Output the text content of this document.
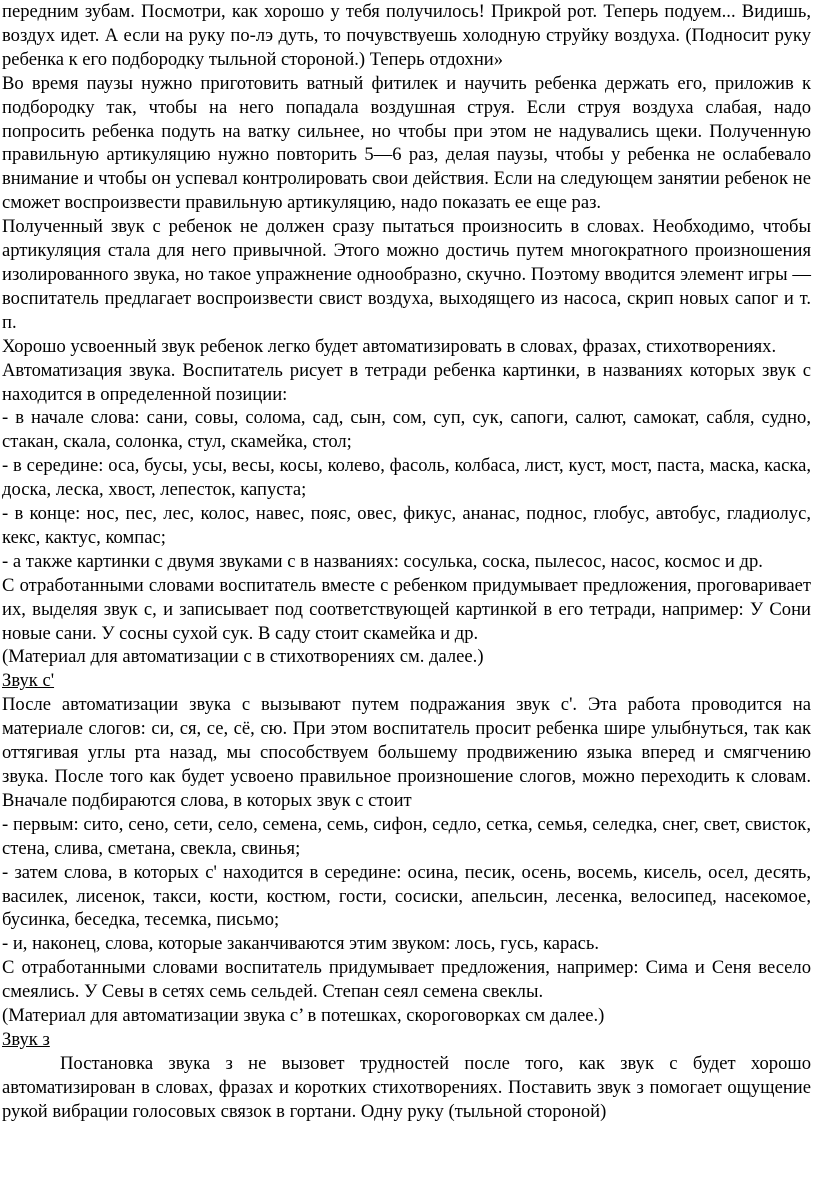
передним зубам. Посмотри, как хорошо у тебя получилось! Прикрой рот. Теперь подуем... Видишь, воздух идет. А если на руку по-лэ дуть, то почувствуешь холодную струйку воздуха. (Подносит руку ребенка к его подбородку тыльной стороной.) Теперь отдохни»

Во время паузы нужно приготовить ватный фитилек и научить ребенка держать его, приложив к подбородку так, чтобы на него попадала воздушная струя. Если струя воздуха слабая, надо попросить ребенка подуть на ватку сильнее, но чтобы при этом не надувались щеки. Полученную правильную артикуляцию нужно повторить 5—6 раз, делая паузы, чтобы у ребенка не ослабевало внимание и чтобы он успевал контролировать свои действия. Если на следующем занятии ребенок не сможет воспроизвести правильную артикуляцию, надо показать ее еще раз.

Полученный звук с ребенок не должен сразу пытаться произносить в словах. Необходимо, чтобы артикуляция стала для него привычной. Этого можно достичь путем многократного произношения изолированного звука, но такое упражнение однообразно, скучно. Поэтому вводится элемент игры — воспитатель предлагает воспроизвести свист воздуха, выходящего из насоса, скрип новых сапог и т. п.

Хорошо усвоенный звук ребенок легко будет автоматизировать в словах, фразах, стихотворениях.

Автоматизация звука. Воспитатель рисует в тетради ребенка картинки, в названиях которых звук с находится в определенной позиции:

- в начале слова: сани, совы, солома, сад, сын, сом, суп, сук, сапоги, салют, самокат, сабля, судно, стакан, скала, солонка, стул, скамейка, стол;

- в середине: оса, бусы, усы, весы, косы, колево, фасоль, колбаса, лист, куст, мост, паста, маска, каска, доска, леска, хвост, лепесток, капуста;

- в конце: нос, пес, лес, колос, навес, пояс, овес, фикус, ананас, поднос, глобус, автобус, гладиолус, кекс, кактус, компас;

- а также картинки с двумя звуками с в названиях: сосулька, соска, пылесос, насос, космос и др.

С отработанными словами воспитатель вместе с ребенком придумывает предложения, проговаривает их, выделяя звук с, и записывает под соответствующей картинкой в его тетради, например: У Сони новые сани. У сосны сухой сук. В саду стоит скамейка и др.

(Материал для автоматизации с в стихотворениях см. далее.)

Звук с'

После автоматизации звука с вызывают путем подражания звук с'. Эта работа проводится на материале слогов: си, ся, се, сё, сю. При этом воспитатель просит ребенка шире улыбнуться, так как оттягивая углы рта назад, мы способствуем большему продвижению языка вперед и смягчению звука. После того как будет усвоено правильное произношение слогов, можно переходить к словам. Вначале подбираются слова, в которых звук с стоит

- первым: сито, сено, сети, село, семена, семь, сифон, седло, сетка, семья, селедка, снег, свет, свисток, стена, слива, сметана, свекла, свинья;

- затем слова, в которых с' находится в середине: осина, песик, осень, восемь, кисель, осел, десять, василек, лисенок, такси, кости, костюм, гости, сосиски, апельсин, лесенка, велосипед, насекомое, бусинка, беседка, тесемка, письмо;

- и, наконец, слова, которые заканчиваются этим звуком: лось, гусь, карась.

С отработанными словами воспитатель придумывает предложения, например: Сима и Сеня весело смеялись. У Севы в сетях семь сельдей. Степан сеял семена свеклы.

(Материал для автоматизации звука с’ в потешках, скороговорках см далее.)

Звук з

Постановка звука з не вызовет трудностей после того, как звук с будет хорошо автоматизирован в словах, фразах и коротких стихотворениях. Поставить звук з помогает ощущение рукой вибрации голосовых связок в гортани. Одну руку (тыльной стороной)
